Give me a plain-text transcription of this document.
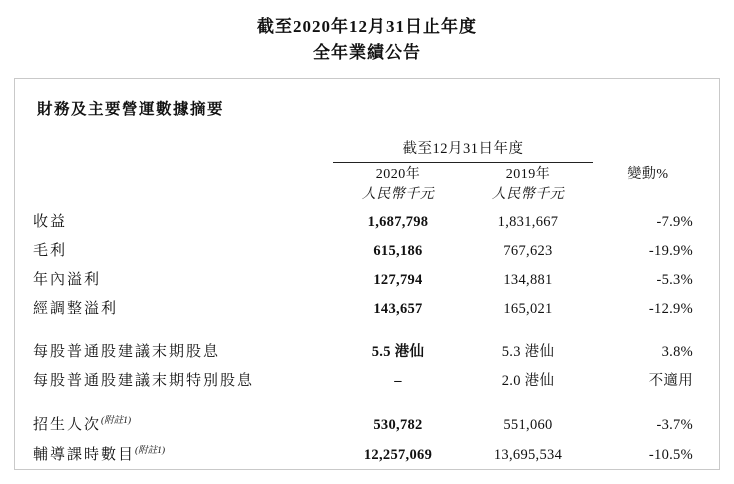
截至2020年12月31日止年度
全年業績公告
財務及主要營運數據摘要

	截至12月31日年度		

	2020年	2019年	變動%
	人民幣千元	人民幣千元	
收益	1,687,798	1,831,667	-7.9%
毛利	615,186	767,623	-19.9%
年內溢利	127,794	134,881	-5.3%
經調整溢利	143,657	165,021	-12.9%

每股普通股建議末期股息	5.5 港仙	5.3 港仙	3.8%
每股普通股建議末期特別股息	–	2.0 港仙	不適用

招生人次$^{(附註1)}$	530,782	551,060	-3.7%
輔導課時數目$^{(附註1)}$	12,257,069	13,695,534	-10.5%
